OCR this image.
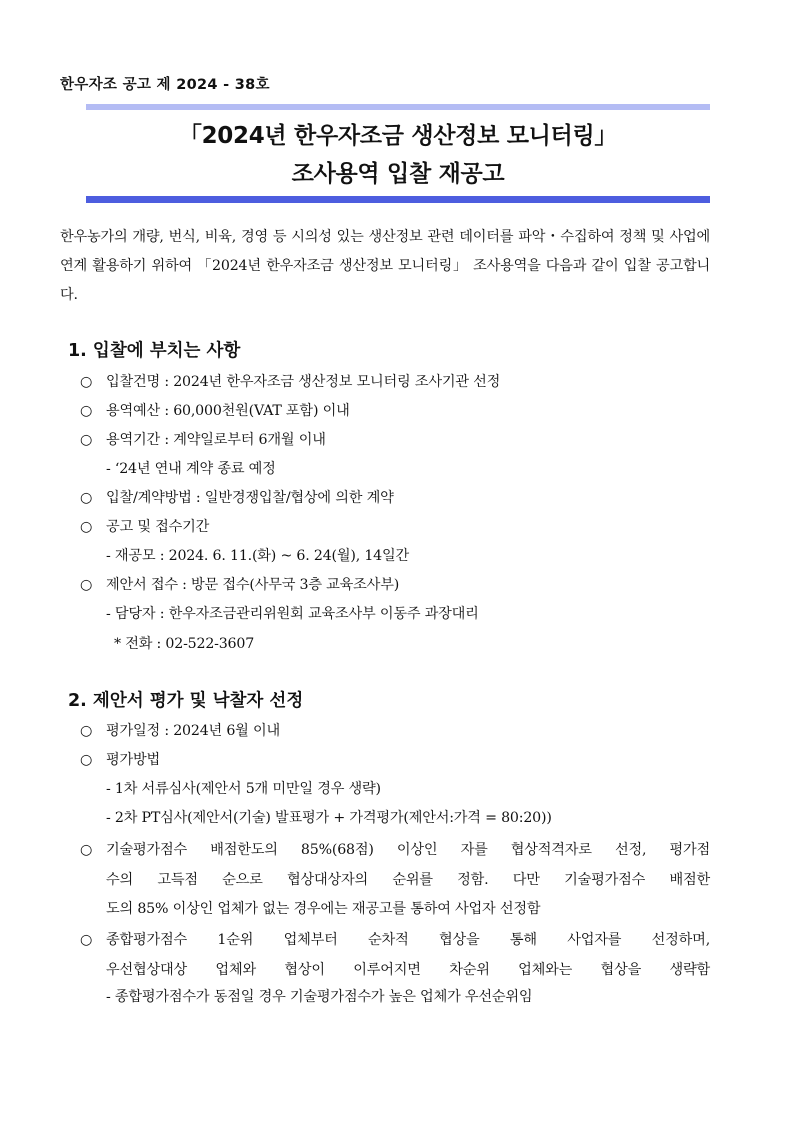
한우자조 공고 제 2024 - 38호
「2024년 한우자조금 생산정보 모니터링」
조사용역 입찰 재공고
한우농가의 개량, 번식, 비육, 경영 등 시의성 있는 생산정보 관련 데이터를 파악・수집하여 정책 및 사업에 연계 활용하기 위하여 「2024년 한우자조금 생산정보 모니터링」 조사용역을 다음과 같이 입찰 공고합니다.
1. 입찰에 부치는 사항
○ 입찰건명 : 2024년 한우자조금 생산정보 모니터링 조사기관 선정
○ 용역예산 : 60,000천원(VAT 포함) 이내
○ 용역기간 : 계약일로부터 6개월 이내
- ‘24년 연내 계약 종료 예정
○ 입찰/계약방법 : 일반경쟁입찰/협상에 의한 계약
○ 공고 및 접수기간
- 재공모 : 2024. 6. 11.(화) ~ 6. 24(월), 14일간
○ 제안서 접수 : 방문 접수(사무국 3층 교육조사부)
- 담당자 : 한우자조금관리위원회 교육조사부 이동주 과장대리
* 전화 : 02-522-3607
2. 제안서 평가 및 낙찰자 선정
○ 평가일정 : 2024년 6월 이내
○ 평가방법
- 1차 서류심사(제안서 5개 미만일 경우 생략)
- 2차 PT심사(제안서(기술) 발표평가 + 가격평가(제안서:가격 = 80:20))
○ 기술평가점수 배점한도의 85%(68점) 이상인 자를 협상적격자로 선정, 평가점
수의 고득점 순으로 협상대상자의 순위를 정함. 다만 기술평가점수 배점한
도의 85% 이상인 업체가 없는 경우에는 재공고를 통하여 사업자 선정함
○ 종합평가점수 1순위 업체부터 순차적 협상을 통해 사업자를 선정하며,
우선협상대상 업체와 협상이 이루어지면 차순위 업체와는 협상을 생략함
- 종합평가점수가 동점일 경우 기술평가점수가 높은 업체가 우선순위임
